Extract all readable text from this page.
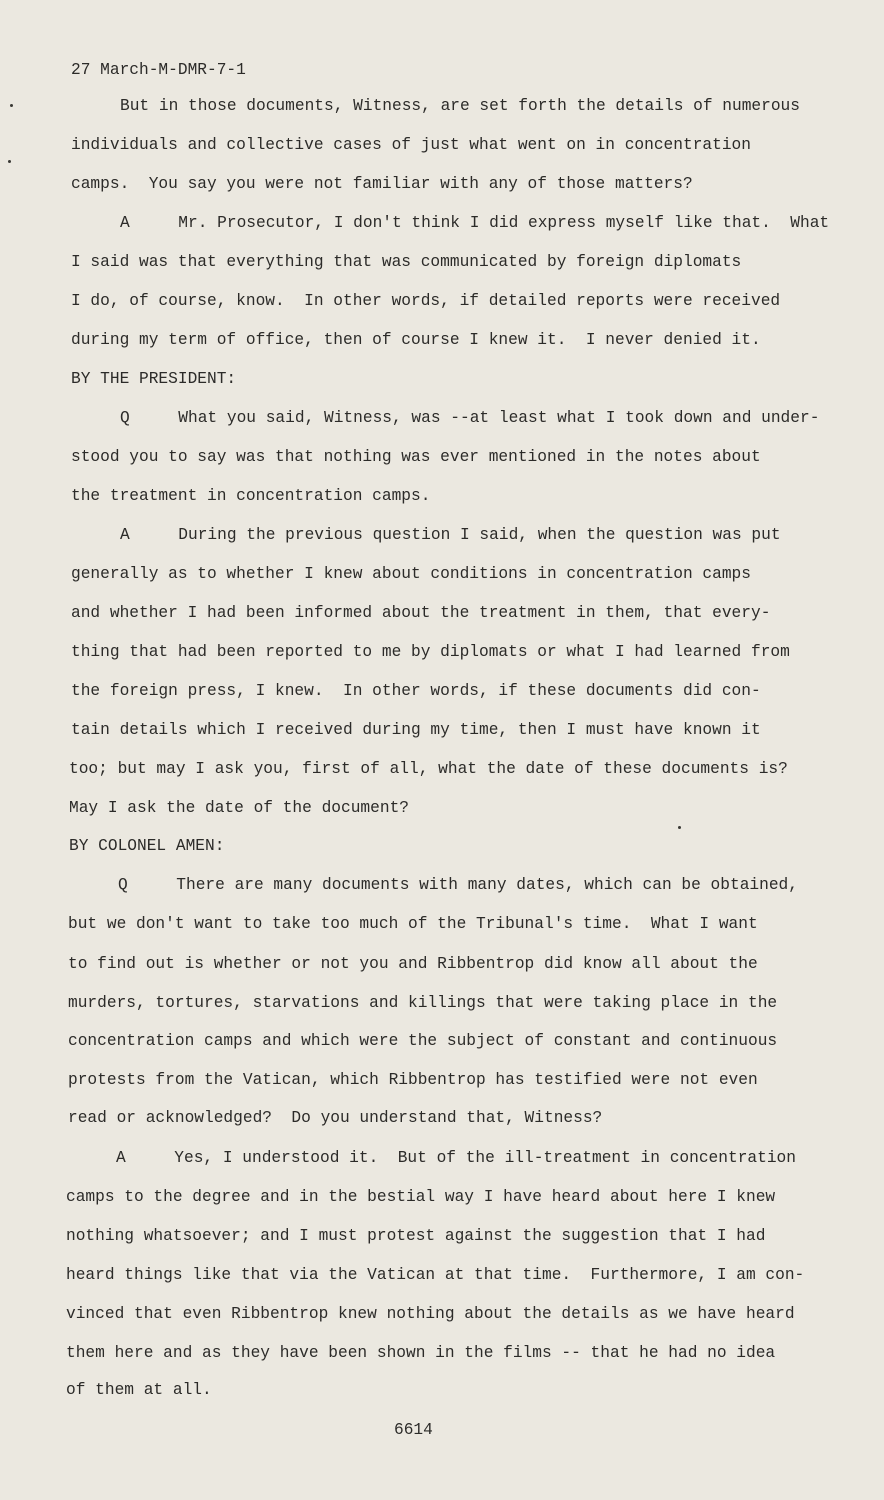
27 March-M-DMR-7-1
But in those documents, Witness, are set forth the details of numerous
individuals and collective cases of just what went on in concentration
camps.  You say you were not familiar with any of those matters?
A     Mr. Prosecutor, I don't think I did express myself like that.  What
I said was that everything that was communicated by foreign diplomats
I do, of course, know.  In other words, if detailed reports were received
during my term of office, then of course I knew it.  I never denied it.
BY THE PRESIDENT:
Q     What you said, Witness, was --at least what I took down and under-
stood you to say was that nothing was ever mentioned in the notes about
the treatment in concentration camps.
A     During the previous question I said, when the question was put
generally as to whether I knew about conditions in concentration camps
and whether I had been informed about the treatment in them, that every-
thing that had been reported to me by diplomats or what I had learned from
the foreign press, I knew.  In other words, if these documents did con-
tain details which I received during my time, then I must have known it
too; but may I ask you, first of all, what the date of these documents is?
May I ask the date of the document?
BY COLONEL AMEN:
Q     There are many documents with many dates, which can be obtained,
but we don't want to take too much of the Tribunal's time.  What I want
to find out is whether or not you and Ribbentrop did know all about the
murders, tortures, starvations and killings that were taking place in the
concentration camps and which were the subject of constant and continuous
protests from the Vatican, which Ribbentrop has testified were not even
read or acknowledged?  Do you understand that, Witness?
A     Yes, I understood it.  But of the ill-treatment in concentration
camps to the degree and in the bestial way I have heard about here I knew
nothing whatsoever; and I must protest against the suggestion that I had
heard things like that via the Vatican at that time.  Furthermore, I am con-
vinced that even Ribbentrop knew nothing about the details as we have heard
them here and as they have been shown in the films -- that he had no idea
of them at all.
6614
